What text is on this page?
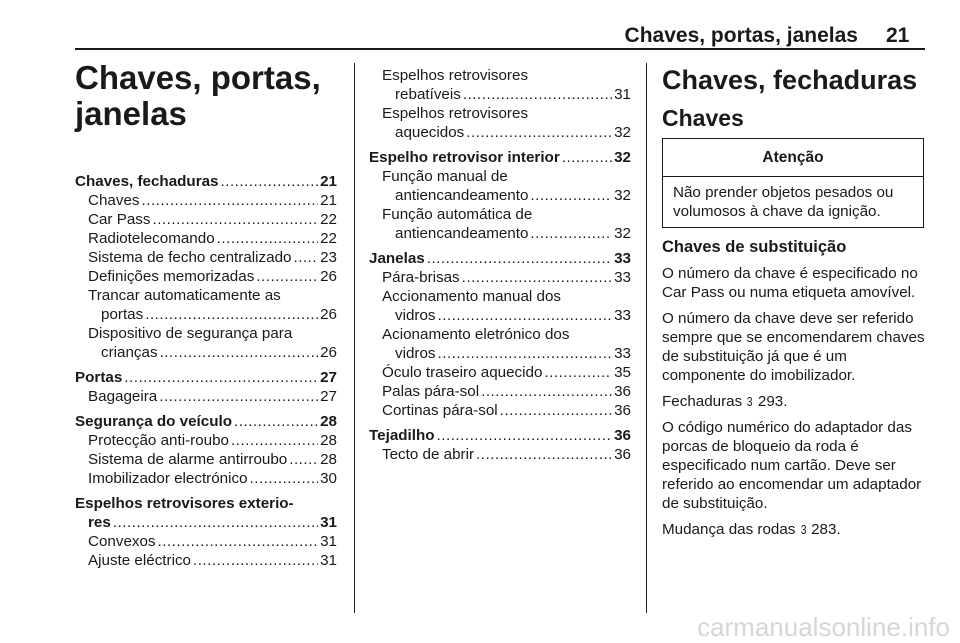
Chaves, portas, janelas 21
Chaves, portas, janelas
Chaves, fechaduras .....	21
Chaves .....	21
Car Pass .....	22
Radiotelecomando .....	22
Sistema de fecho centralizado ..... 23
Definições memorizadas .....	26
Trancar automaticamente as
portas .....	26
Dispositivo de segurança para
crianças .....	26
Portas .....	27
Bagageira .....	27
Segurança do veículo .....	28
Protecção anti-roubo .....	28
Sistema de alarme antirroubo ..... 28
Imobilizador electrónico .....	30
Espelhos retrovisores exterio-
res .....	31
Convexos .....	31
Ajuste eléctrico .....	31
Espelhos retrovisores
rebatíveis .....	31
Espelhos retrovisores
aquecidos .....	32
Espelho retrovisor interior .....	32
Função manual de
antiencandeamento .....	32
Função automática de
antiencandeamento .....	32
Janelas .....	33
Pára-brisas .....	33
Accionamento manual dos
vidros .....	33
Acionamento eletrónico dos
vidros .....	33
Óculo traseiro aquecido .....	35
Palas pára-sol .....	36
Cortinas pára-sol .....	36
Tejadilho .....	36
Tecto de abrir .....	36
Chaves, fechaduras
Chaves
Atenção
Não prender objetos pesados ou volumosos à chave da ignição.
Chaves de substituição

O número da chave é especificado no Car Pass ou numa etiqueta amovível.

O número da chave deve ser referido sempre que se encomendarem chaves de substituição já que é um componente do imobilizador.

Fechaduras 3 293.

O código numérico do adaptador das porcas de bloqueio da roda é especificado num cartão. Deve ser referido ao encomendar um adaptador de substituição.

Mudança das rodas 3 283.

carmanualsonline.info
